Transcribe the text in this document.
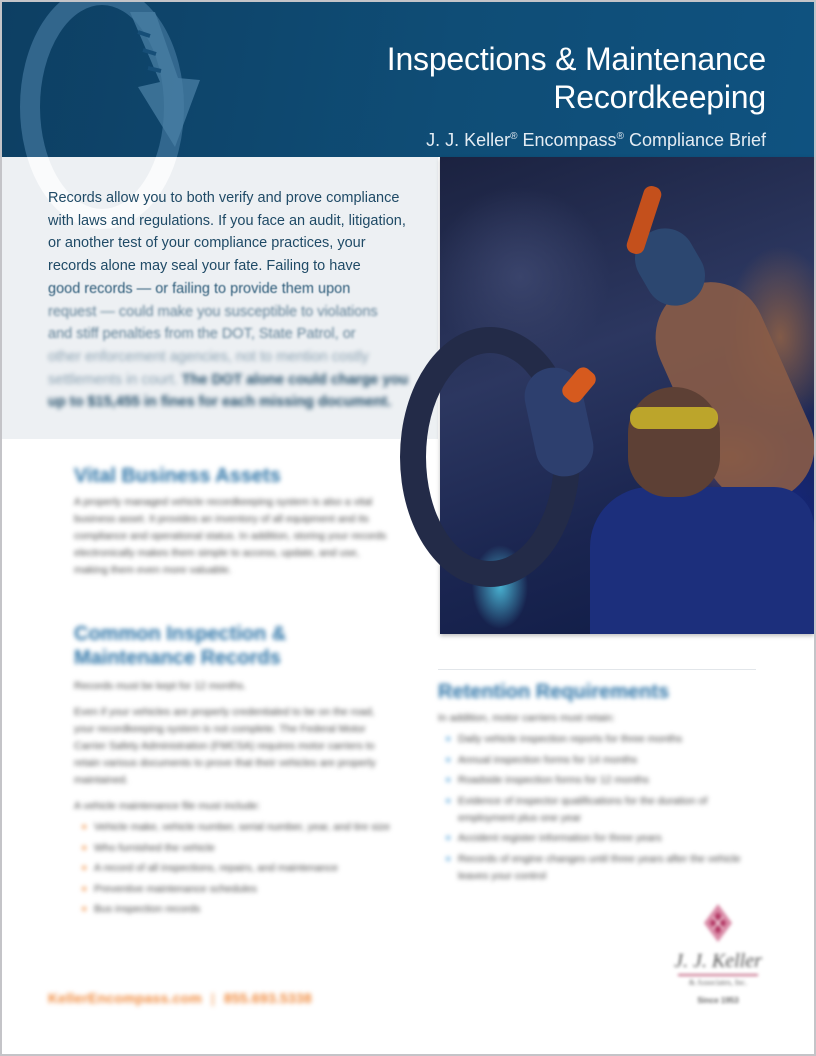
Inspections & Maintenance
Recordkeeping
J. J. Keller® Encompass® Compliance Brief
Records allow you to both verify and prove compliance
with laws and regulations. If you face an audit, litigation,
or another test of your compliance practices, your
records alone may seal your fate. Failing to have
good records — or failing to provide them upon
request — could make you susceptible to violations
and stiff penalties from the DOT, State Patrol, or
other enforcement agencies, not to mention costly
settlements in court. The DOT alone could charge you
up to $15,455 in fines for each missing document.
Vital Business Assets
A properly managed vehicle recordkeeping system is also a vital business asset. It provides an inventory of all equipment and its compliance and operational status. In addition, storing your records electronically makes them simple to access, update, and use, making them even more valuable.
Common Inspection &
Maintenance Records

Records must be kept for 12 months.

Even if your vehicles are properly credentialed to be on the road, your recordkeeping system is not complete. The Federal Motor Carrier Safety Administration (FMCSA) requires motor carriers to retain various documents to prove that their vehicles are properly maintained.

A vehicle maintenance file must include:

■ Vehicle make, vehicle number, serial number, year, and tire size
■ Who furnished the vehicle
■ A record of all inspections, repairs, and maintenance
■ Preventive maintenance schedules
■ Bus inspection records
Retention Requirements

In addition, motor carriers must retain:

■ Daily vehicle inspection reports for three months
■ Annual inspection forms for 14 months
■ Roadside inspection forms for 12 months
■ Evidence of inspector qualifications for the duration of employment plus one year
■ Accident register information for three years
■ Records of engine changes until three years after the vehicle leaves your control
KellerEncompass.com | 855.693.5338
J. J. Keller
& Associates, Inc.
Since 1953
